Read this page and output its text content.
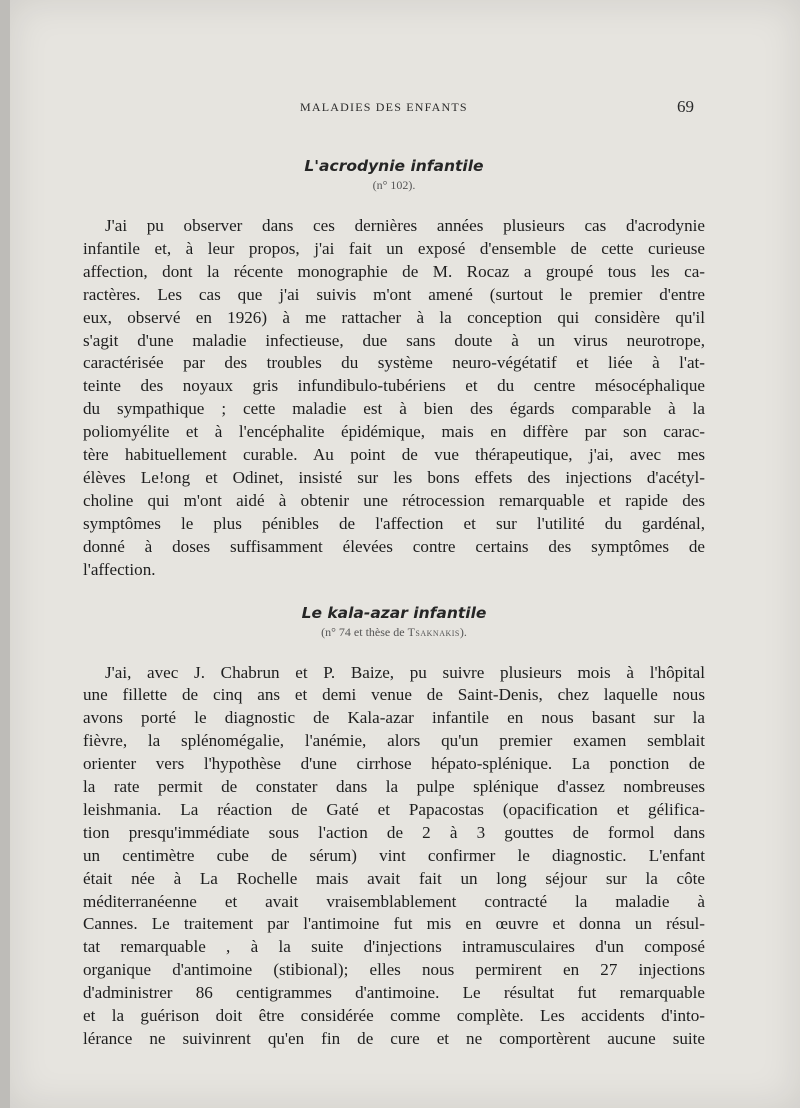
MALADIES DES ENFANTS	69
L'acrodynie infantile

(n° 102).

J'ai pu observer dans ces dernières années plusieurs cas d'acrodynie
infantile et, à leur propos, j'ai fait un exposé d'ensemble de cette curieuse
affection, dont la récente monographie de M. Rocaz a groupé tous les ca-
ractères. Les cas que j'ai suivis m'ont amené (surtout le premier d'entre
eux, observé en 1926) à me rattacher à la conception qui considère qu'il
s'agit d'une maladie infectieuse, due sans doute à un virus neurotrope,
caractérisée par des troubles du système neuro-végétatif et liée à l'at-
teinte des noyaux gris infundibulo-tubériens et du centre mésocéphalique
du sympathique ; cette maladie est à bien des égards comparable à la
poliomyélite et à l'encéphalite épidémique, mais en diffère par son carac-
tère habituellement curable. Au point de vue thérapeutique, j'ai, avec mes
élèves Le!ong et Odinet, insisté sur les bons effets des injections d'acétyl-
choline qui m'ont aidé à obtenir une rétrocession remarquable et rapide des
symptômes le plus pénibles de l'affection et sur l'utilité du gardénal,
donné à doses suffisamment élevées contre certains des symptômes de
l'affection.
Le kala-azar infantile

(n° 74 et thèse de Tsaknakis).

J'ai, avec J. Chabrun et P. Baize, pu suivre plusieurs mois à l'hôpital
une fillette de cinq ans et demi venue de Saint-Denis, chez laquelle nous
avons porté le diagnostic de Kala-azar infantile en nous basant sur la
fièvre, la splénomégalie, l'anémie, alors qu'un premier examen semblait
orienter vers l'hypothèse d'une cirrhose hépato-splénique. La ponction de
la rate permit de constater dans la pulpe splénique d'assez nombreuses
leishmania. La réaction de Gaté et Papacostas (opacification et gélifica-
tion presqu'immédiate sous l'action de 2 à 3 gouttes de formol dans
un centimètre cube de sérum) vint confirmer le diagnostic. L'enfant
était née à La Rochelle mais avait fait un long séjour sur la côte
méditerranéenne et avait vraisemblablement contracté la maladie à
Cannes. Le traitement par l'antimoine fut mis en œuvre et donna un résul-
tat remarquable , à la suite d'injections intramusculaires d'un composé
organique d'antimoine (stibional); elles nous permirent en 27 injections
d'administrer 86 centigrammes d'antimoine. Le résultat fut remarquable
et la guérison doit être considérée comme complète. Les accidents d'into-
lérance ne suivinrent qu'en fin de cure et ne comportèrent aucune suite
